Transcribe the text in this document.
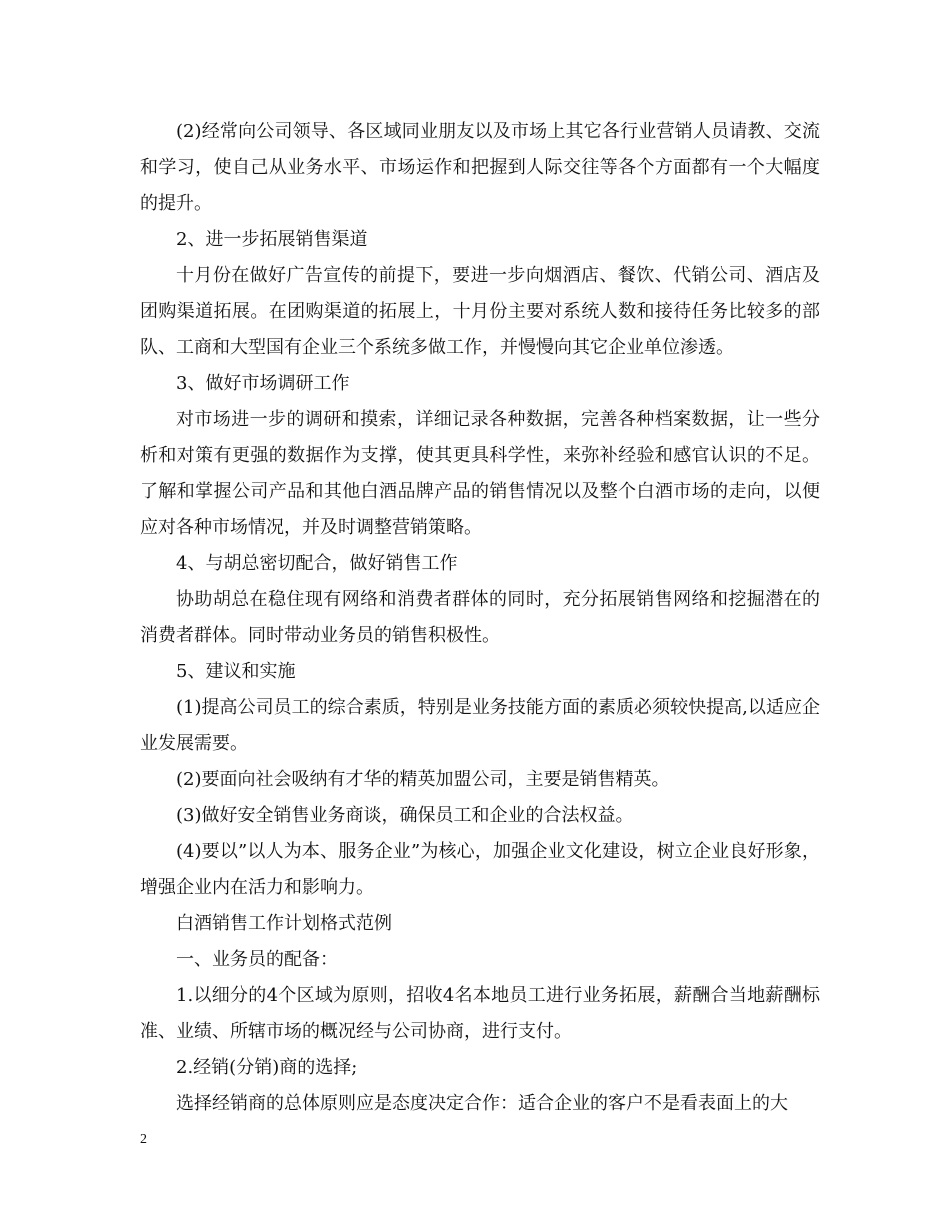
(2)经常向公司领导、各区域同业朋友以及市场上其它各行业营销人员请教、交流和学习，使自己从业务水平、市场运作和把握到人际交往等各个方面都有一个大幅度的提升。

2、进一步拓展销售渠道

十月份在做好广告宣传的前提下，要进一步向烟酒店、餐饮、代销公司、酒店及团购渠道拓展。在团购渠道的拓展上，十月份主要对系统人数和接待任务比较多的部队、工商和大型国有企业三个系统多做工作，并慢慢向其它企业单位渗透。

3、做好市场调研工作

对市场进一步的调研和摸索，详细记录各种数据，完善各种档案数据，让一些分析和对策有更强的数据作为支撑，使其更具科学性，来弥补经验和感官认识的不足。了解和掌握公司产品和其他白酒品牌产品的销售情况以及整个白酒市场的走向，以便应对各种市场情况，并及时调整营销策略。

4、与胡总密切配合，做好销售工作

协助胡总在稳住现有网络和消费者群体的同时，充分拓展销售网络和挖掘潜在的消费者群体。同时带动业务员的销售积极性。

5、建议和实施

(1)提高公司员工的综合素质，特别是业务技能方面的素质必须较快提高,以适应企业发展需要。

(2)要面向社会吸纳有才华的精英加盟公司，主要是销售精英。

(3)做好安全销售业务商谈，确保员工和企业的合法权益。

(4)要以”以人为本、服务企业”为核心，加强企业文化建设，树立企业良好形象，增强企业内在活力和影响力。

白酒销售工作计划格式范例

一、业务员的配备：

1.以细分的4个区域为原则，招收4名本地员工进行业务拓展，薪酬合当地薪酬标准、业绩、所辖市场的概况经与公司协商，进行支付。

2.经销(分销)商的选择;

选择经销商的总体原则应是态度决定合作：适合企业的客户不是看表面上的大

2
